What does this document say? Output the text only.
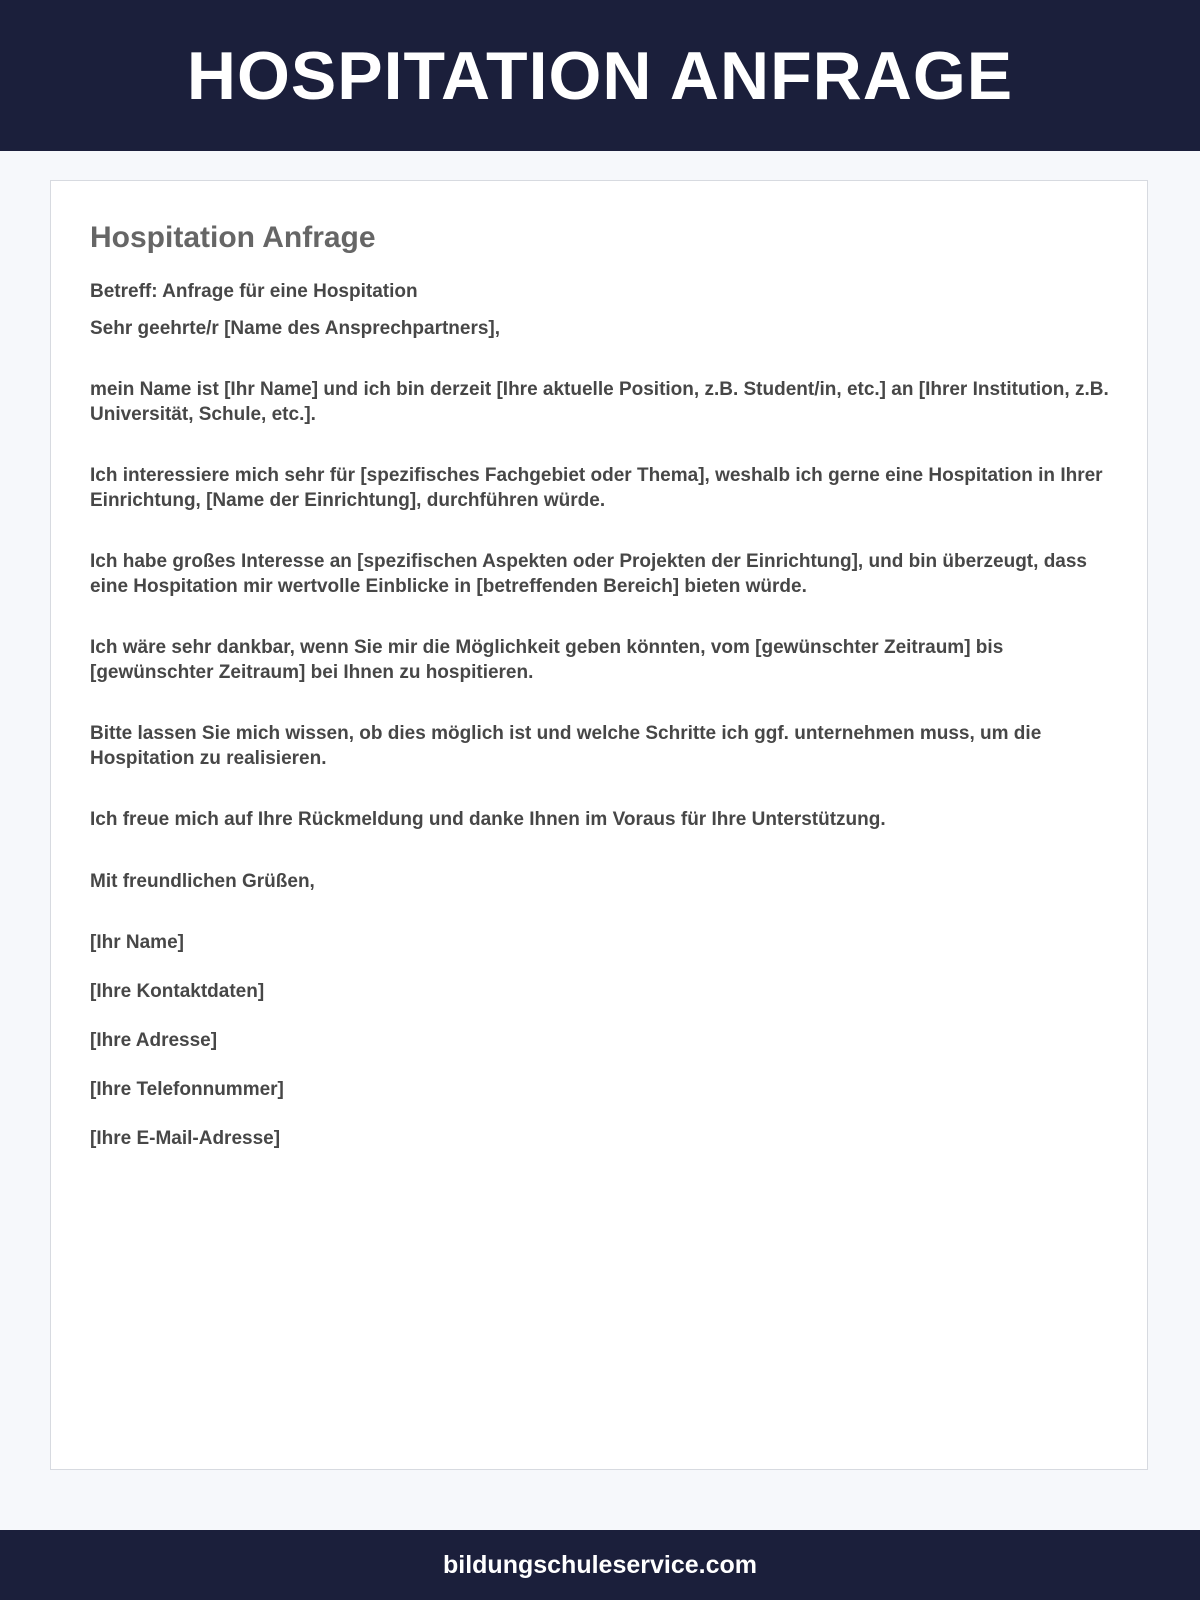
HOSPITATION ANFRAGE
Hospitation Anfrage

Betreff: Anfrage für eine Hospitation

Sehr geehrte/r [Name des Ansprechpartners],

mein Name ist [Ihr Name] und ich bin derzeit [Ihre aktuelle Position, z.B. Student/in, etc.] an [Ihrer Institution, z.B. Universität, Schule, etc.].

Ich interessiere mich sehr für [spezifisches Fachgebiet oder Thema], weshalb ich gerne eine Hospitation in Ihrer Einrichtung, [Name der Einrichtung], durchführen würde.

Ich habe großes Interesse an [spezifischen Aspekten oder Projekten der Einrichtung], und bin überzeugt, dass eine Hospitation mir wertvolle Einblicke in [betreffenden Bereich] bieten würde.

Ich wäre sehr dankbar, wenn Sie mir die Möglichkeit geben könnten, vom [gewünschter Zeitraum] bis [gewünschter Zeitraum] bei Ihnen zu hospitieren.

Bitte lassen Sie mich wissen, ob dies möglich ist und welche Schritte ich ggf. unternehmen muss, um die Hospitation zu realisieren.

Ich freue mich auf Ihre Rückmeldung und danke Ihnen im Voraus für Ihre Unterstützung.

Mit freundlichen Grüßen,

[Ihr Name]

[Ihre Kontaktdaten]

[Ihre Adresse]

[Ihre Telefonnummer]

[Ihre E-Mail-Adresse]

bildungschuleservice.com
